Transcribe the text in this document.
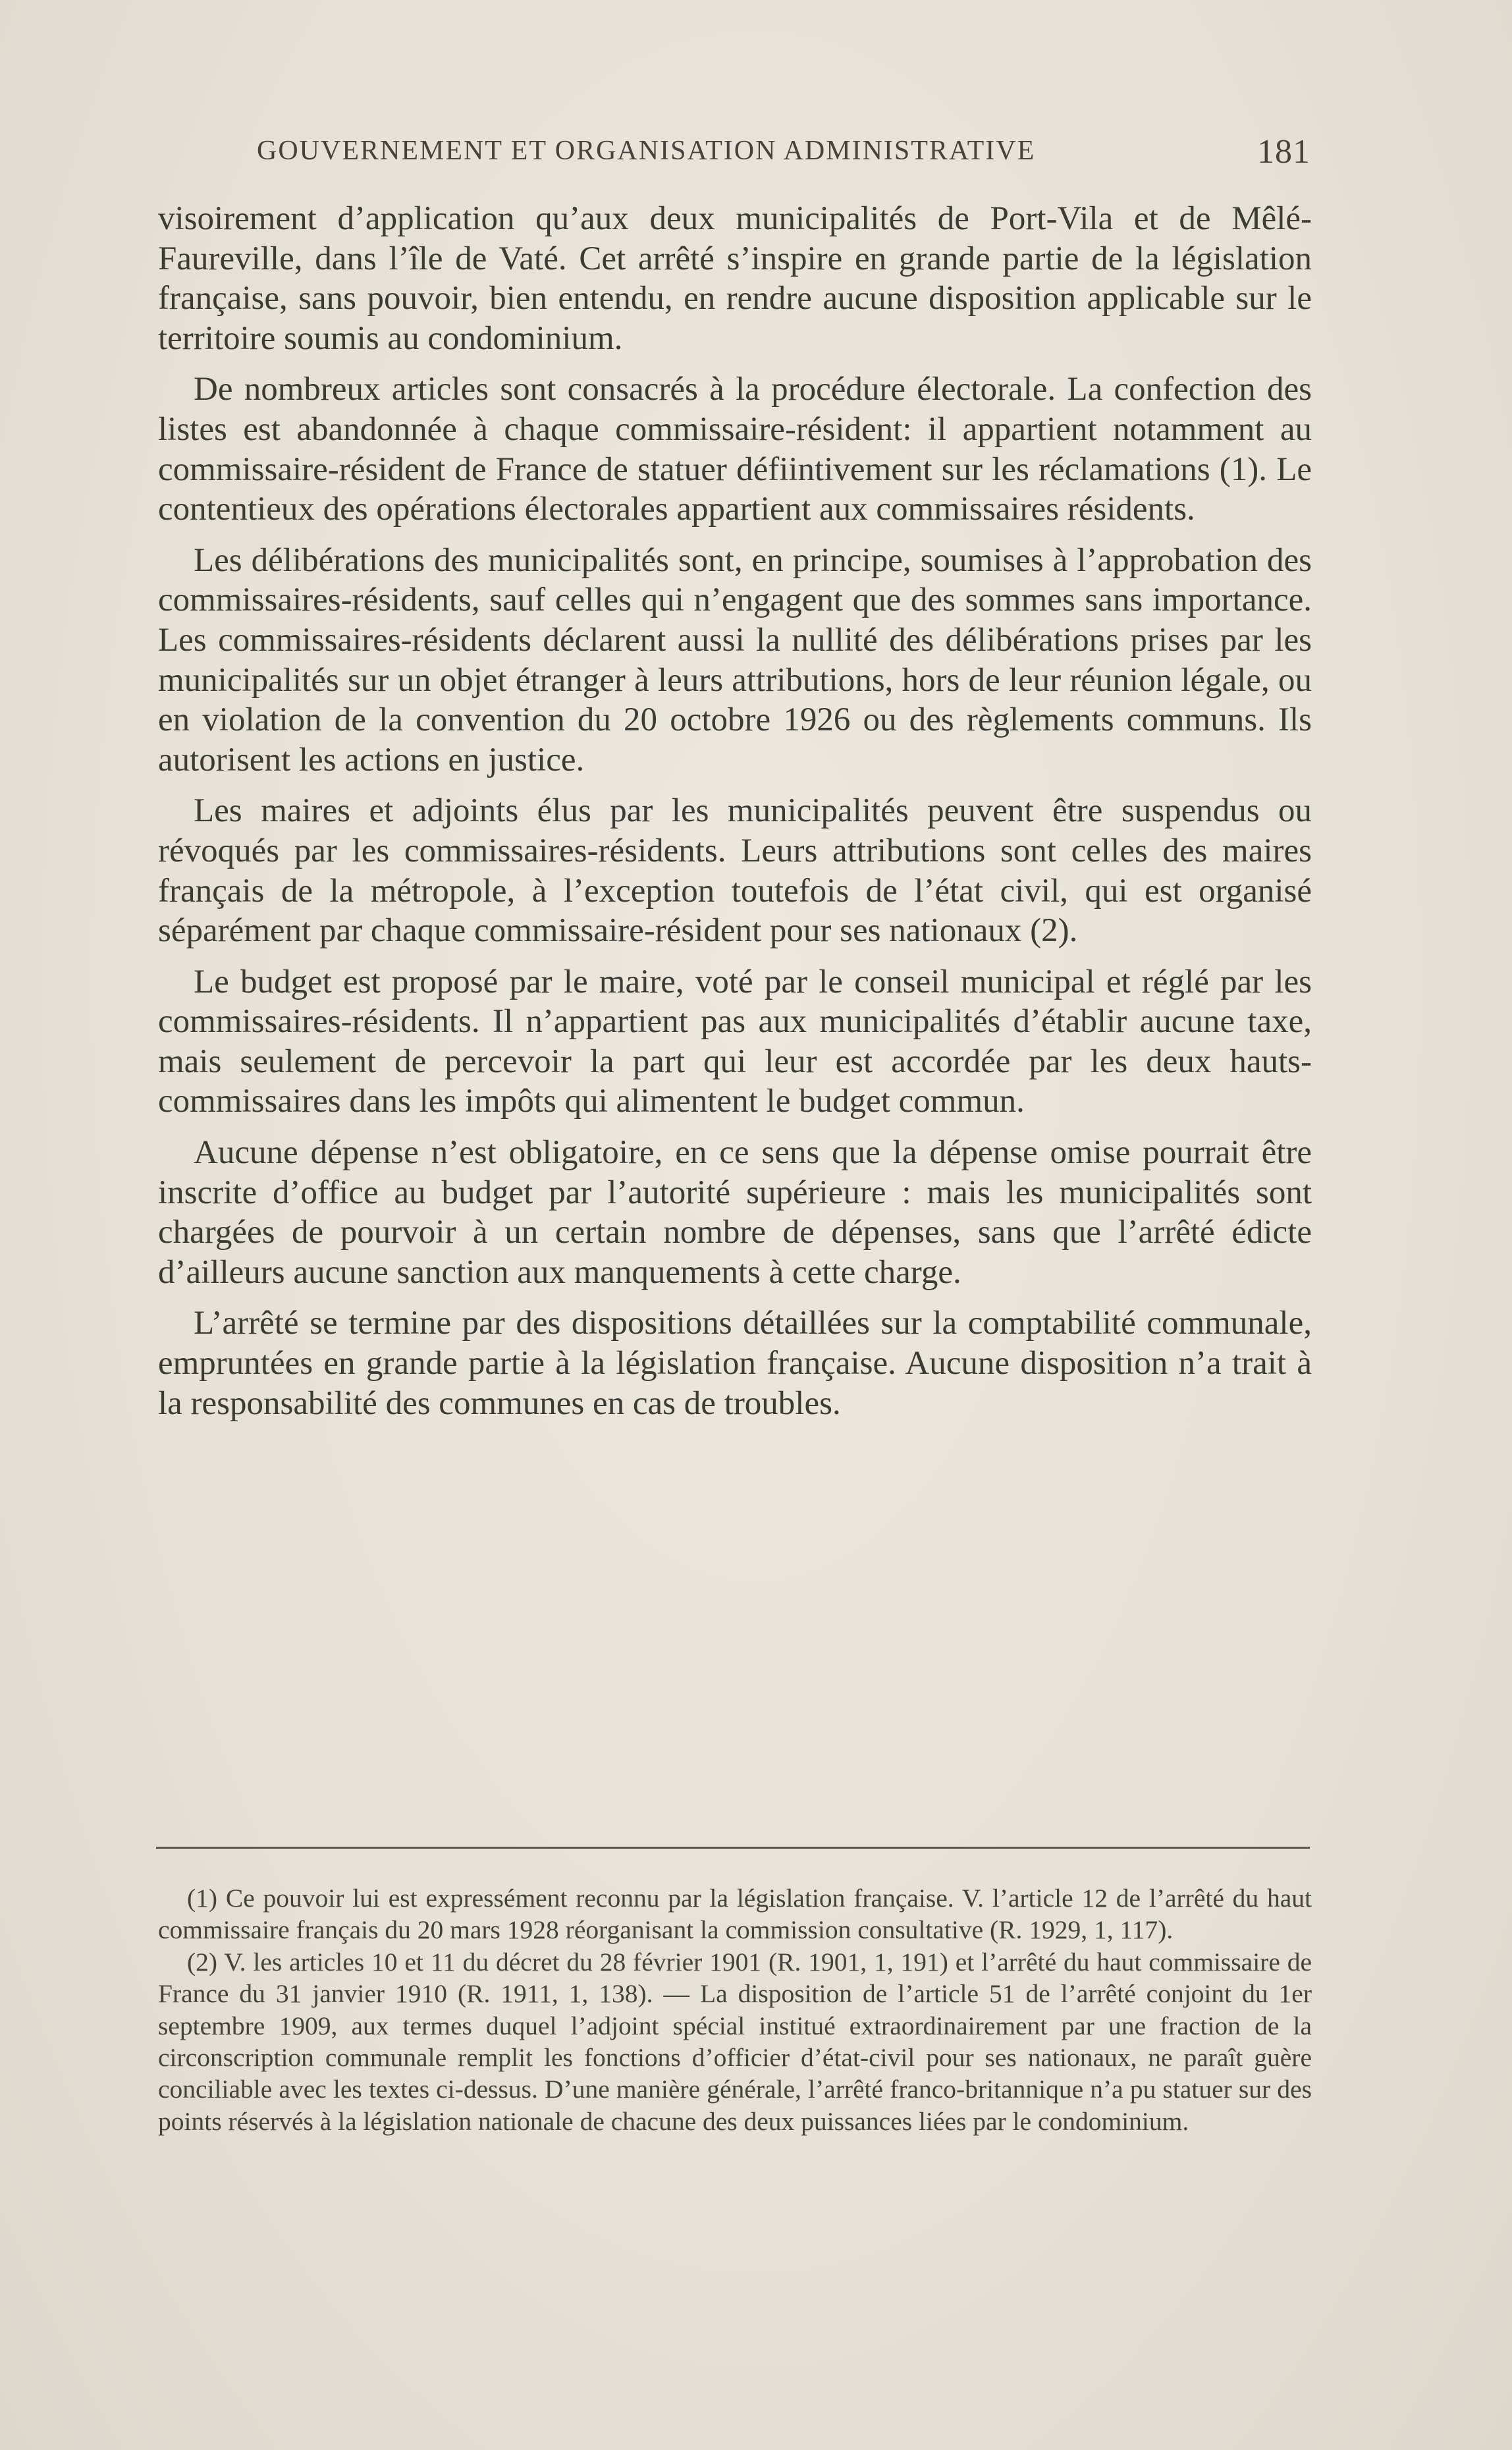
GOUVERNEMENT ET ORGANISATION ADMINISTRATIVE	181

visoirement d’application qu’aux deux municipalités de Port-Vila et de Mêlé-Faureville, dans l’île de Vaté. Cet arrêté s’inspire en grande partie de la législation française, sans pouvoir, bien entendu, en rendre aucune disposition applicable sur le territoire soumis au condominium.

De nombreux articles sont consacrés à la procédure électorale. La confection des listes est abandonnée à chaque commissaire-résident: il appartient notamment au commissaire-résident de France de statuer défiintivement sur les réclamations (1). Le contentieux des opérations électorales appartient aux commissaires résidents.

Les délibérations des municipalités sont, en principe, soumises à l’approbation des commissaires-résidents, sauf celles qui n’engagent que des sommes sans importance. Les commissaires-résidents déclarent aussi la nullité des délibérations prises par les municipalités sur un objet étranger à leurs attributions, hors de leur réunion légale, ou en violation de la convention du 20 octobre 1926 ou des règlements communs. Ils autorisent les actions en justice.

Les maires et adjoints élus par les municipalités peuvent être suspendus ou révoqués par les commissaires-résidents. Leurs attributions sont celles des maires français de la métropole, à l’exception toutefois de l’état civil, qui est organisé séparément par chaque commissaire-résident pour ses nationaux (2).

Le budget est proposé par le maire, voté par le conseil municipal et réglé par les commissaires-résidents. Il n’appartient pas aux municipalités d’établir aucune taxe, mais seulement de percevoir la part qui leur est accordée par les deux hauts-commissaires dans les impôts qui alimentent le budget commun.

Aucune dépense n’est obligatoire, en ce sens que la dépense omise pourrait être inscrite d’office au budget par l’autorité supérieure : mais les municipalités sont chargées de pourvoir à un certain nombre de dépenses, sans que l’arrêté édicte d’ailleurs aucune sanction aux manquements à cette charge.

L’arrêté se termine par des dispositions détaillées sur la comptabilité communale, empruntées en grande partie à la législation française. Aucune disposition n’a trait à la responsabilité des communes en cas de troubles.

(1) Ce pouvoir lui est expressément reconnu par la législation française. V. l’article 12 de l’arrêté du haut commissaire français du 20 mars 1928 réorganisant la commission consultative (R. 1929, 1, 117).

(2) V. les articles 10 et 11 du décret du 28 février 1901 (R. 1901, 1, 191) et l’arrêté du haut commissaire de France du 31 janvier 1910 (R. 1911, 1, 138). — La disposition de l’article 51 de l’arrêté conjoint du 1er septembre 1909, aux termes duquel l’adjoint spécial institué extraordinairement par une fraction de la circonscription communale remplit les fonctions d’officier d’état-civil pour ses nationaux, ne paraît guère conciliable avec les textes ci-dessus. D’une manière générale, l’arrêté franco-britannique n’a pu statuer sur des points réservés à la législation nationale de chacune des deux puissances liées par le condominium.
